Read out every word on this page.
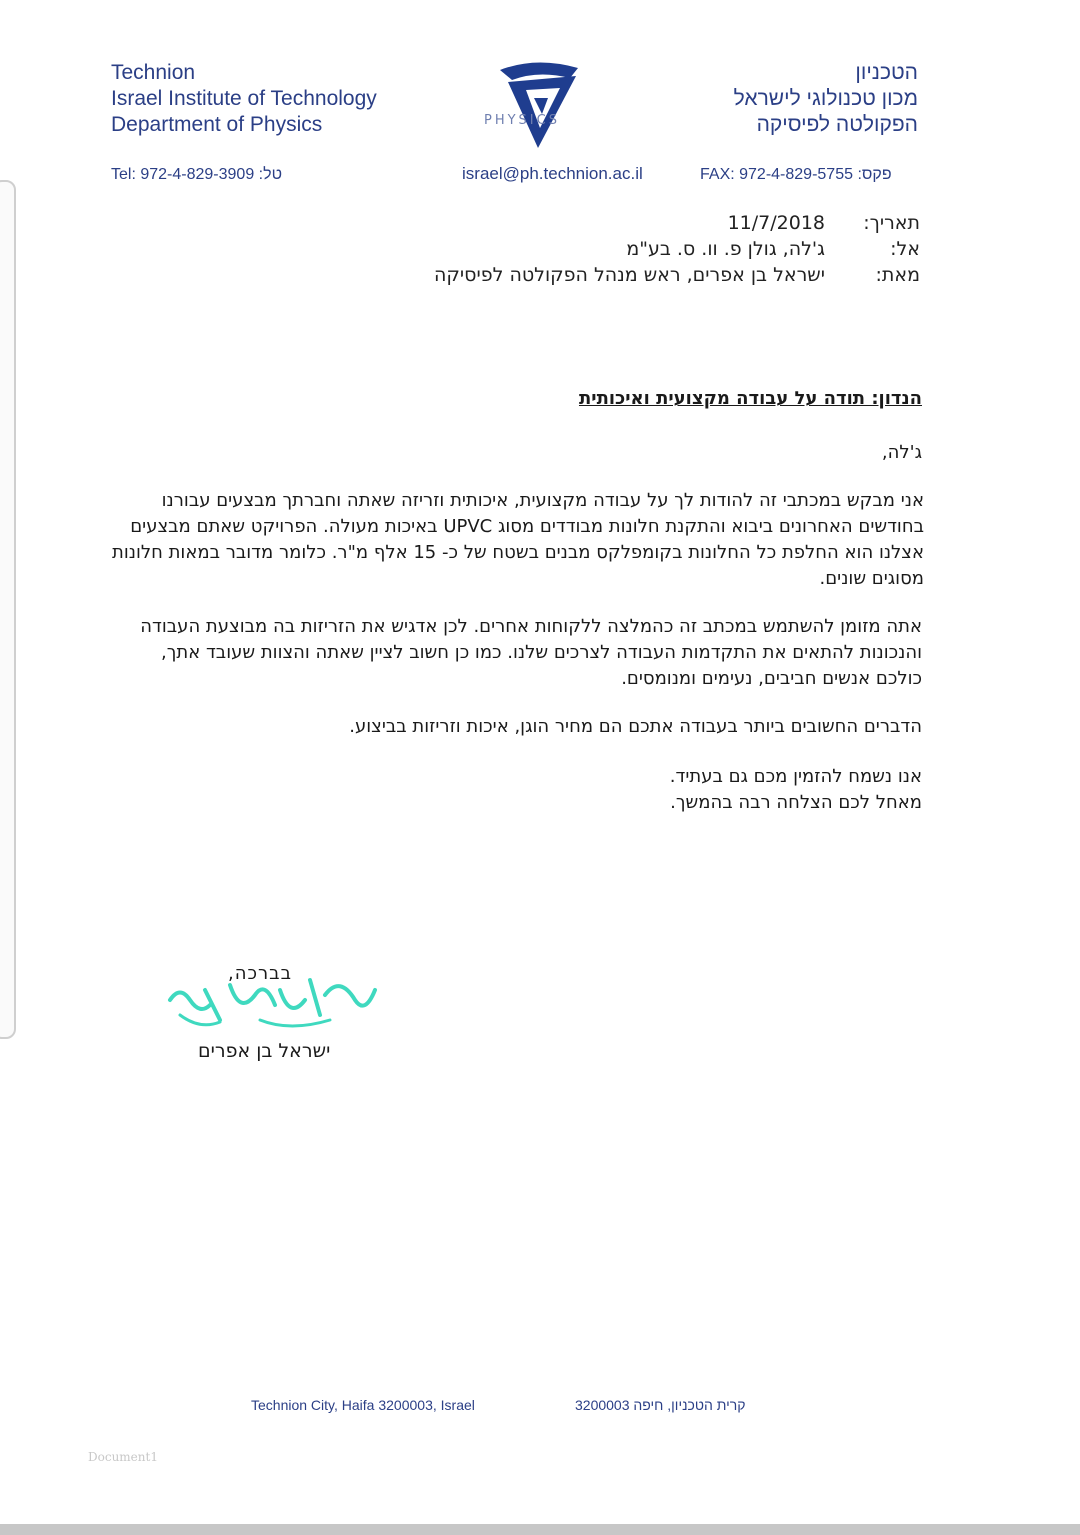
Technion
Israel Institute of Technology
Department of Physics	PHYSICS
הטכניון
מכון טכנולוגי לישראל
הפקולטה לפיסיקה
Tel: 972-4-829-3909 :טל	israel@ph.technion.ac.il	FAX: 972-4-829-5755 :פקס
תאריך:
11/7/2018
אל:
ג'לה, גולן פ. וו. ס. בע"מ
מאת:
ישראל בן אפרים, ראש מנהל הפקולטה לפיסיקה
הנדון: תודה על עבודה מקצועית ואיכותית
ג'לה,
אני מבקש במכתבי זה להודות לך על עבודה מקצועית, איכותית וזריזה שאתה וחברתך מבצעים עבורנו בחודשים האחרונים ביבוא והתקנת חלונות מבודדים מסוג UPVC באיכות מעולה. הפרויקט שאתם מבצעים אצלנו הוא החלפת כל החלונות בקומפלקס מבנים בשטח של כ- 15 אלף מ"ר. כלומר מדובר במאות חלונות מסוגים שונים.
אתה מזומן להשתמש במכתב זה כהמלצה ללקוחות אחרים. לכן אדגיש את הזריזות בה מבוצעת העבודה והנכונות להתאים את התקדמות העבודה לצרכים שלנו. כמו כן חשוב לציין שאתה והצוות שעובד אתך, כולכם אנשים חביבים, נעימים ומנומסים.
הדברים החשובים ביותר בעבודה אתכם הם מחיר הוגן, איכות וזריזות בביצוע.
אנו נשמח להזמין מכם גם בעתיד.
מאחל לכם הצלחה רבה בהמשך.
בברכה,
ישראל בן אפרים
Technion City, Haifa 3200003, Israel	קרית הטכניון, חיפה 3200003
Document1
